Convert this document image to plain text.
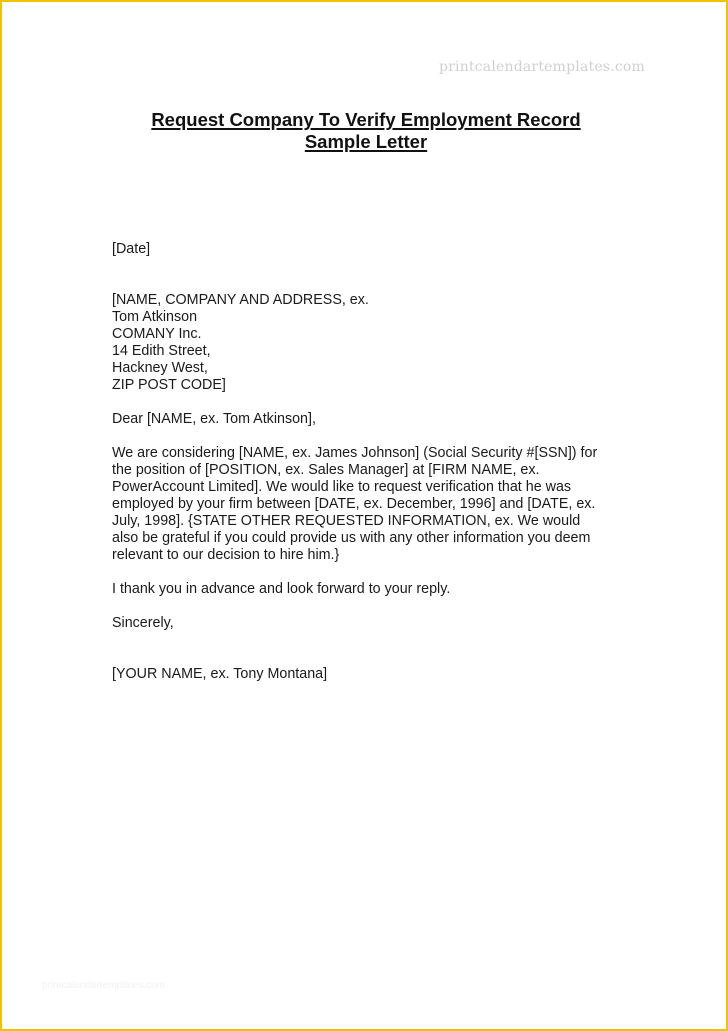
printcalendartemplates.com
Request Company To Verify Employment Record
Sample Letter
[Date]
[NAME, COMPANY AND ADDRESS, ex.
Tom Atkinson
COMANY Inc.
14 Edith Street,
Hackney West,
ZIP POST CODE]
Dear [NAME, ex. Tom Atkinson],
We are considering [NAME, ex. James Johnson] (Social Security #[SSN]) for
the position of [POSITION, ex. Sales Manager] at [FIRM NAME, ex.
PowerAccount Limited]. We would like to request verification that he was
employed by your firm between [DATE, ex. December, 1996] and [DATE, ex.
July, 1998]. {STATE OTHER REQUESTED INFORMATION, ex. We would
also be grateful if you could provide us with any other information you deem
relevant to our decision to hire him.}
I thank you in advance and look forward to your reply.
Sincerely,
[YOUR NAME, ex. Tony Montana]
printcalendartemplates.com
